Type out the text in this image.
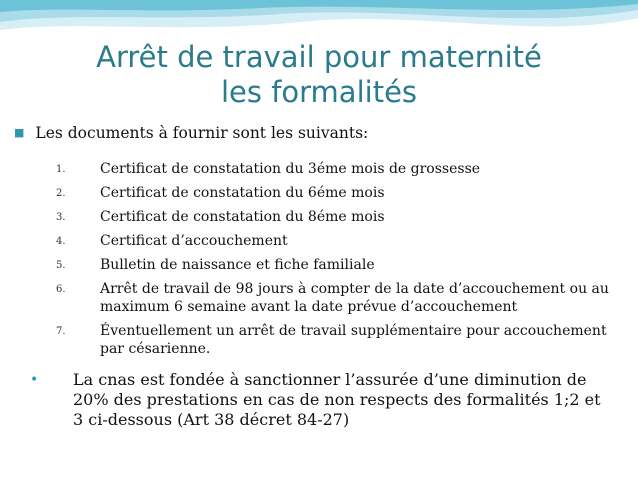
Arrêt de travail pour maternité
les formalités
■ Les documents à fournir sont les suivants:
1. Certificat de constatation du 3éme mois de grossesse
2. Certificat de constatation du 6éme mois
3. Certificat de constatation du 8éme mois
4. Certificat d’accouchement
5. Bulletin de naissance et fiche familiale
6. Arrêt de travail de 98 jours à compter de la date d’accouchement ou au maximum 6 semaine avant la date prévue d’accouchement
7. Éventuellement un arrêt de travail supplémentaire pour accouchement par césarienne.
•	La cnas est fondée à sanctionner l’assurée d’une diminution de 20% des prestations en cas de non respects des formalités 1;2 et 3 ci-dessous (Art 38 décret 84-27)
